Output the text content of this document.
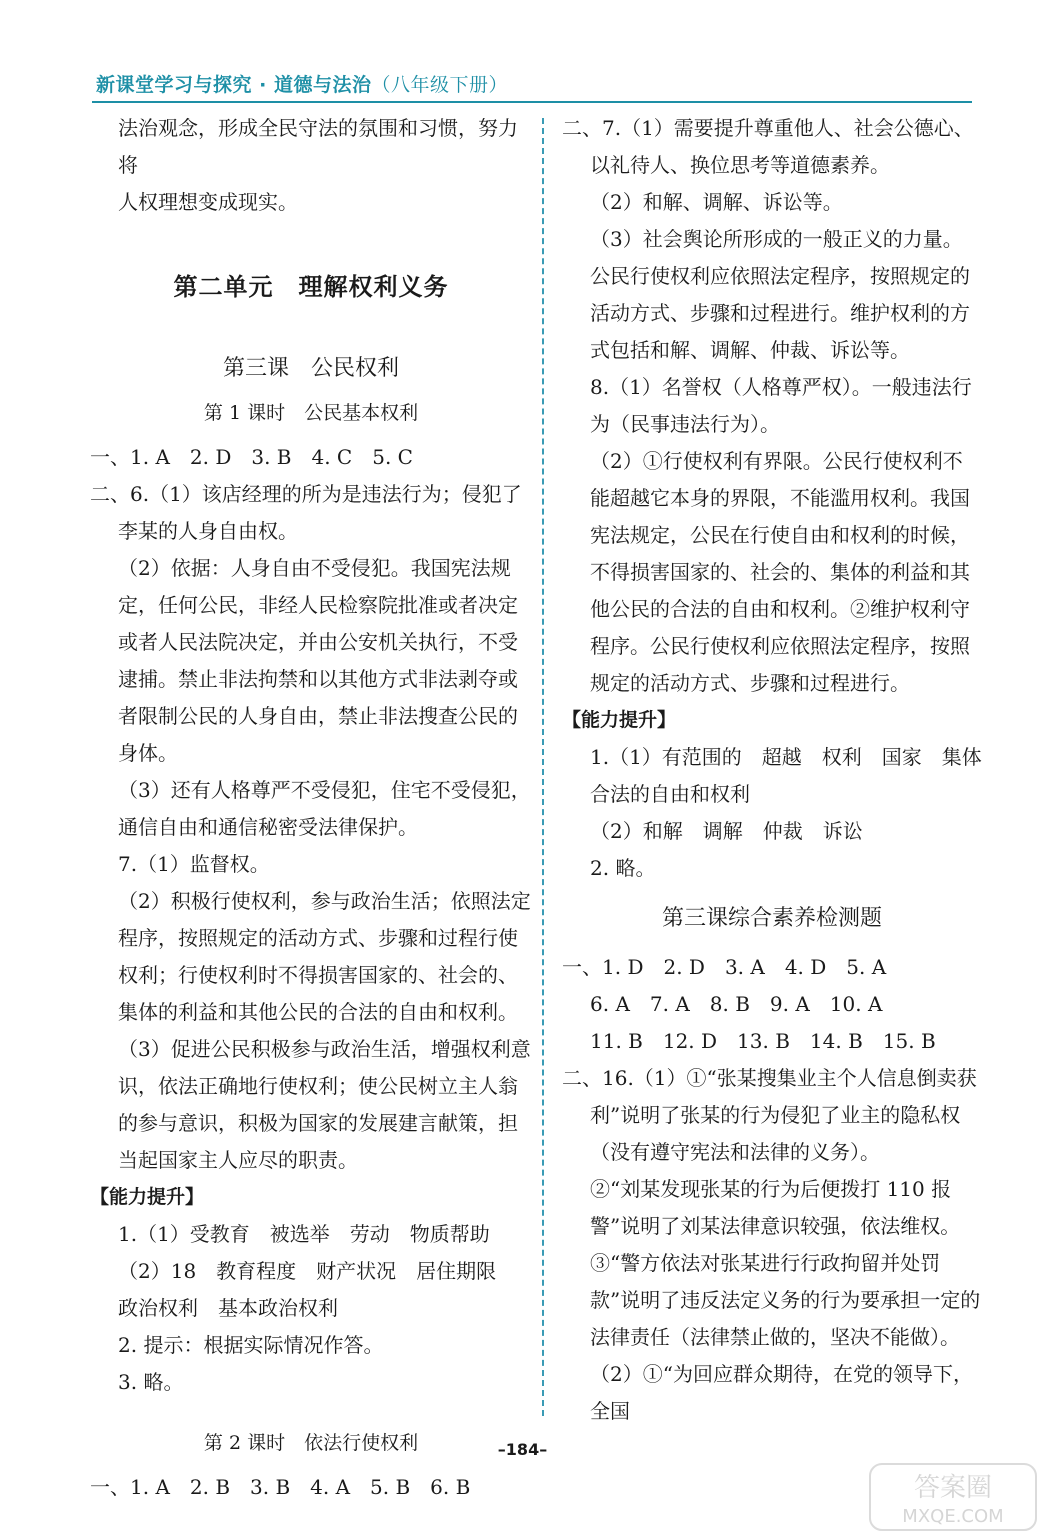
新课堂学习与探究 · 道德与法治（八年级下册）

法治观念，形成全民守法的氛围和习惯，努力将

人权理想变成现实。

第二单元　理解权利义务

第三课　公民权利

第 1 课时　公民基本权利

一、1. A　2. D　3. B　4. C　5. C

二、6.（1）该店经理的所为是违法行为；侵犯了李某的人身自由权。

（2）依据：人身自由不受侵犯。我国宪法规定，任何公民，非经人民检察院批准或者决定或者人民法院决定，并由公安机关执行，不受逮捕。禁止非法拘禁和以其他方式非法剥夺或者限制公民的人身自由，禁止非法搜查公民的身体。

（3）还有人格尊严不受侵犯，住宅不受侵犯，通信自由和通信秘密受法律保护。

7.（1）监督权。

（2）积极行使权利，参与政治生活；依照法定程序，按照规定的活动方式、步骤和过程行使权利；行使权利时不得损害国家的、社会的、集体的利益和其他公民的合法的自由和权利。

（3）促进公民积极参与政治生活，增强权利意识，依法正确地行使权利；使公民树立主人翁的参与意识，积极为国家的发展建言献策，担当起国家主人应尽的职责。

【能力提升】

1.（1）受教育　被选举　劳动　物质帮助

（2）18　教育程度　财产状况　居住期限　政治权利　基本政治权利

2. 提示：根据实际情况作答。

3. 略。

第 2 课时　依法行使权利

一、1. A　2. B　3. B　4. A　5. B　6. B

二、7.（1）需要提升尊重他人、社会公德心、以礼待人、换位思考等道德素养。

（2）和解、调解、诉讼等。

（3）社会舆论所形成的一般正义的力量。

公民行使权利应依照法定程序，按照规定的活动方式、步骤和过程进行。维护权利的方式包括和解、调解、仲裁、诉讼等。

8.（1）名誉权（人格尊严权）。一般违法行为（民事违法行为）。

（2）①行使权利有界限。公民行使权利不能超越它本身的界限，不能滥用权利。我国宪法规定，公民在行使自由和权利的时候，不得损害国家的、社会的、集体的利益和其他公民的合法的自由和权利。②维护权利守程序。公民行使权利应依照法定程序，按照规定的活动方式、步骤和过程进行。

【能力提升】

1.（1）有范围的　超越　权利　国家　集体

合法的自由和权利

（2）和解　调解　仲裁　诉讼

2. 略。

第三课综合素养检测题

一、1. D　2. D　3. A　4. D　5. A

6. A　7. A　8. B　9. A　10. A

11. B　12. D　13. B　14. B　15. B

二、16.（1）①“张某搜集业主个人信息倒卖获利”说明了张某的行为侵犯了业主的隐私权（没有遵守宪法和法律的义务）。

②“刘某发现张某的行为后便拨打 110 报警”说明了刘某法律意识较强，依法维权。

③“警方依法对张某进行行政拘留并处罚款”说明了违反法定义务的行为要承担一定的法律责任（法律禁止做的，坚决不能做）。

（2）①“为回应群众期待，在党的领导下，全国

–184–
答案圈
MXQE.COM
